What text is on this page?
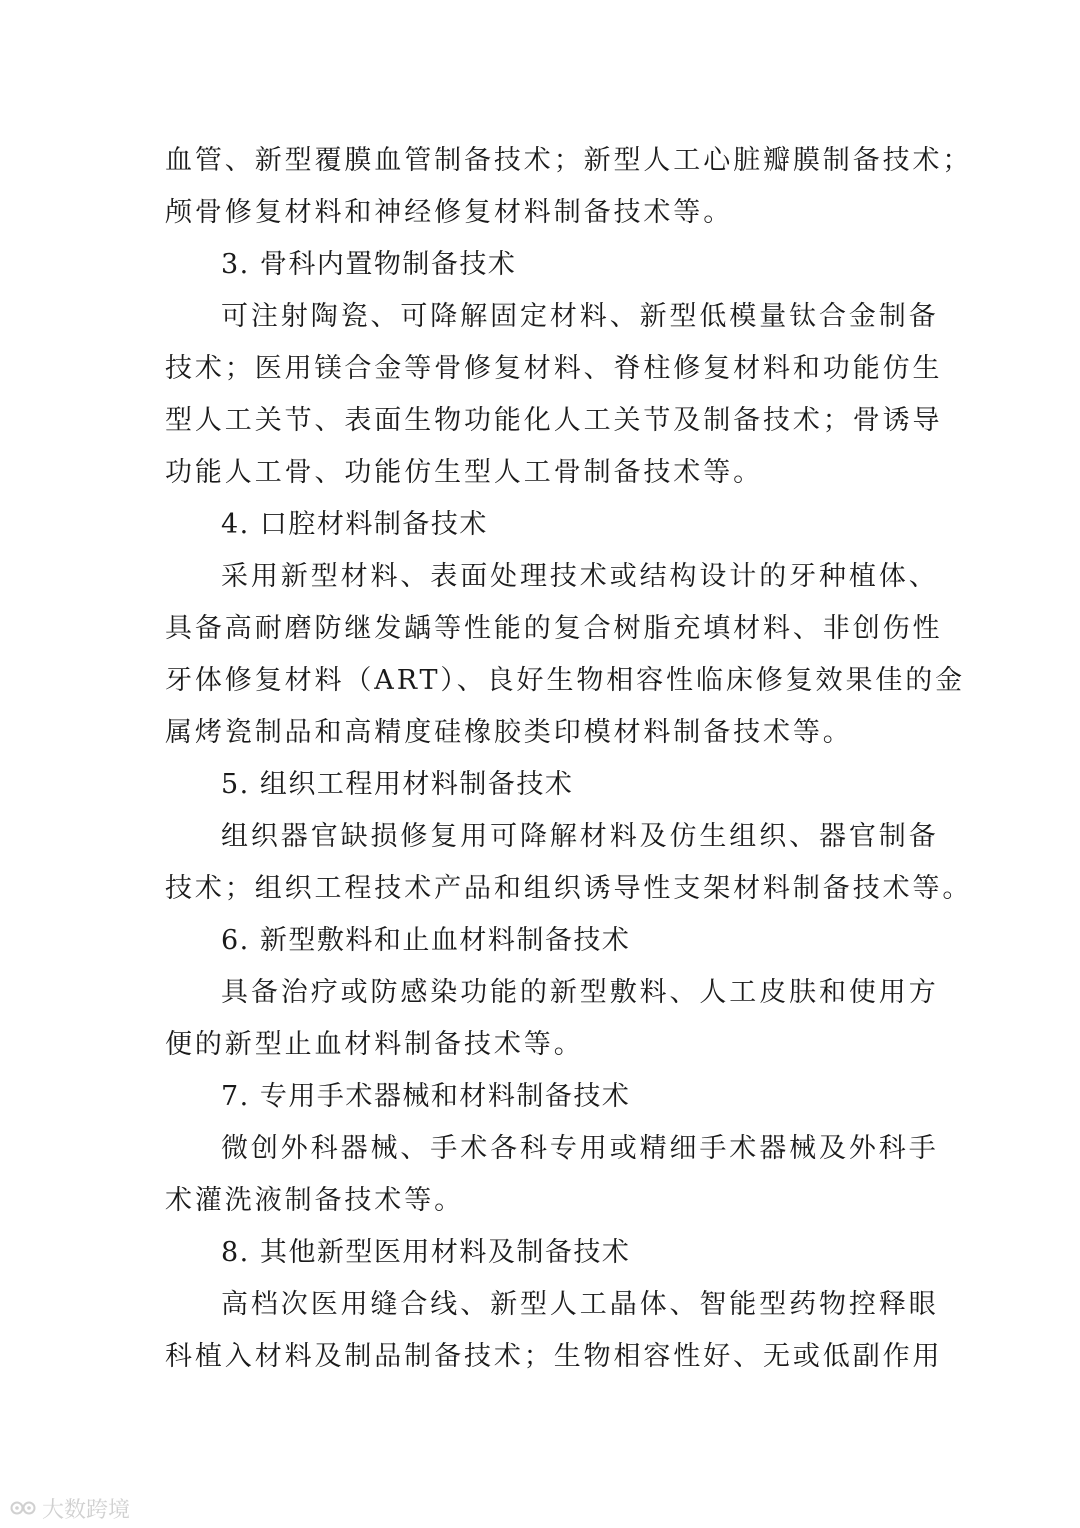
血管、新型覆膜血管制备技术；新型人工心脏瓣膜制备技术；
颅骨修复材料和神经修复材料制备技术等。
3. 骨科内置物制备技术
可注射陶瓷、可降解固定材料、新型低模量钛合金制备
技术；医用镁合金等骨修复材料、脊柱修复材料和功能仿生
型人工关节、表面生物功能化人工关节及制备技术；骨诱导
功能人工骨、功能仿生型人工骨制备技术等。
4. 口腔材料制备技术
采用新型材料、表面处理技术或结构设计的牙种植体、
具备高耐磨防继发龋等性能的复合树脂充填材料、非创伤性
牙体修复材料（ART）、良好生物相容性临床修复效果佳的金
属烤瓷制品和高精度硅橡胶类印模材料制备技术等。
5. 组织工程用材料制备技术
组织器官缺损修复用可降解材料及仿生组织、器官制备
技术；组织工程技术产品和组织诱导性支架材料制备技术等。
6. 新型敷料和止血材料制备技术
具备治疗或防感染功能的新型敷料、人工皮肤和使用方
便的新型止血材料制备技术等。
7. 专用手术器械和材料制备技术
微创外科器械、手术各科专用或精细手术器械及外科手
术灌洗液制备技术等。
8. 其他新型医用材料及制备技术
高档次医用缝合线、新型人工晶体、智能型药物控释眼
科植入材料及制品制备技术；生物相容性好、无或低副作用
大数跨境
